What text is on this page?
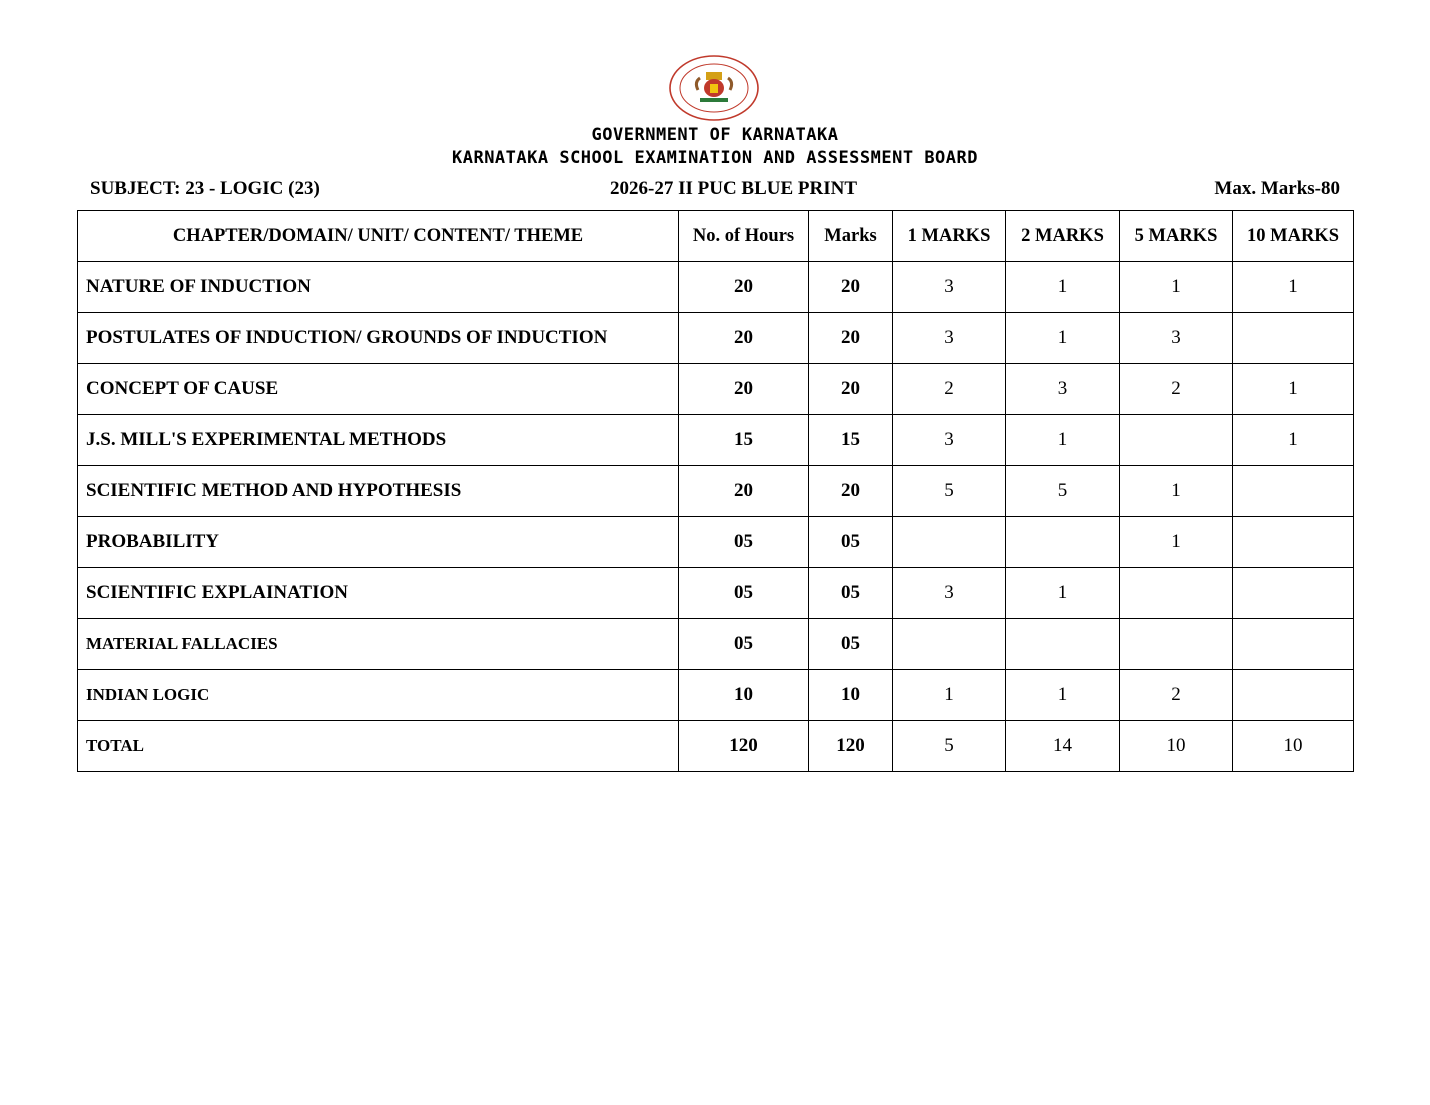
GOVERNMENT OF KARNATAKA
KARNATAKA SCHOOL EXAMINATION AND ASSESSMENT BOARD
SUBJECT: 23 - LOGIC (23)	2026-27 II PUC BLUE PRINT	Max. Marks-80
CHAPTER/DOMAIN/ UNIT/ CONTENT/ THEME	No. of Hours	Marks	1 MARKS	2 MARKS	5 MARKS	10 MARKS
NATURE OF INDUCTION	20	20	3	1	1	1
POSTULATES OF INDUCTION/ GROUNDS OF INDUCTION	20	20	3	1	3	
CONCEPT OF CAUSE	20	20	2	3	2	1
J.S. MILL'S EXPERIMENTAL METHODS	15	15	3	1		1
SCIENTIFIC METHOD AND HYPOTHESIS	20	20	5	5	1	
PROBABILITY	05	05			1	
SCIENTIFIC EXPLAINATION	05	05	3	1		
MATERIAL FALLACIES	05	05				
INDIAN LOGIC	10	10	1	1	2	
TOTAL	120	120	5	14	10	10
